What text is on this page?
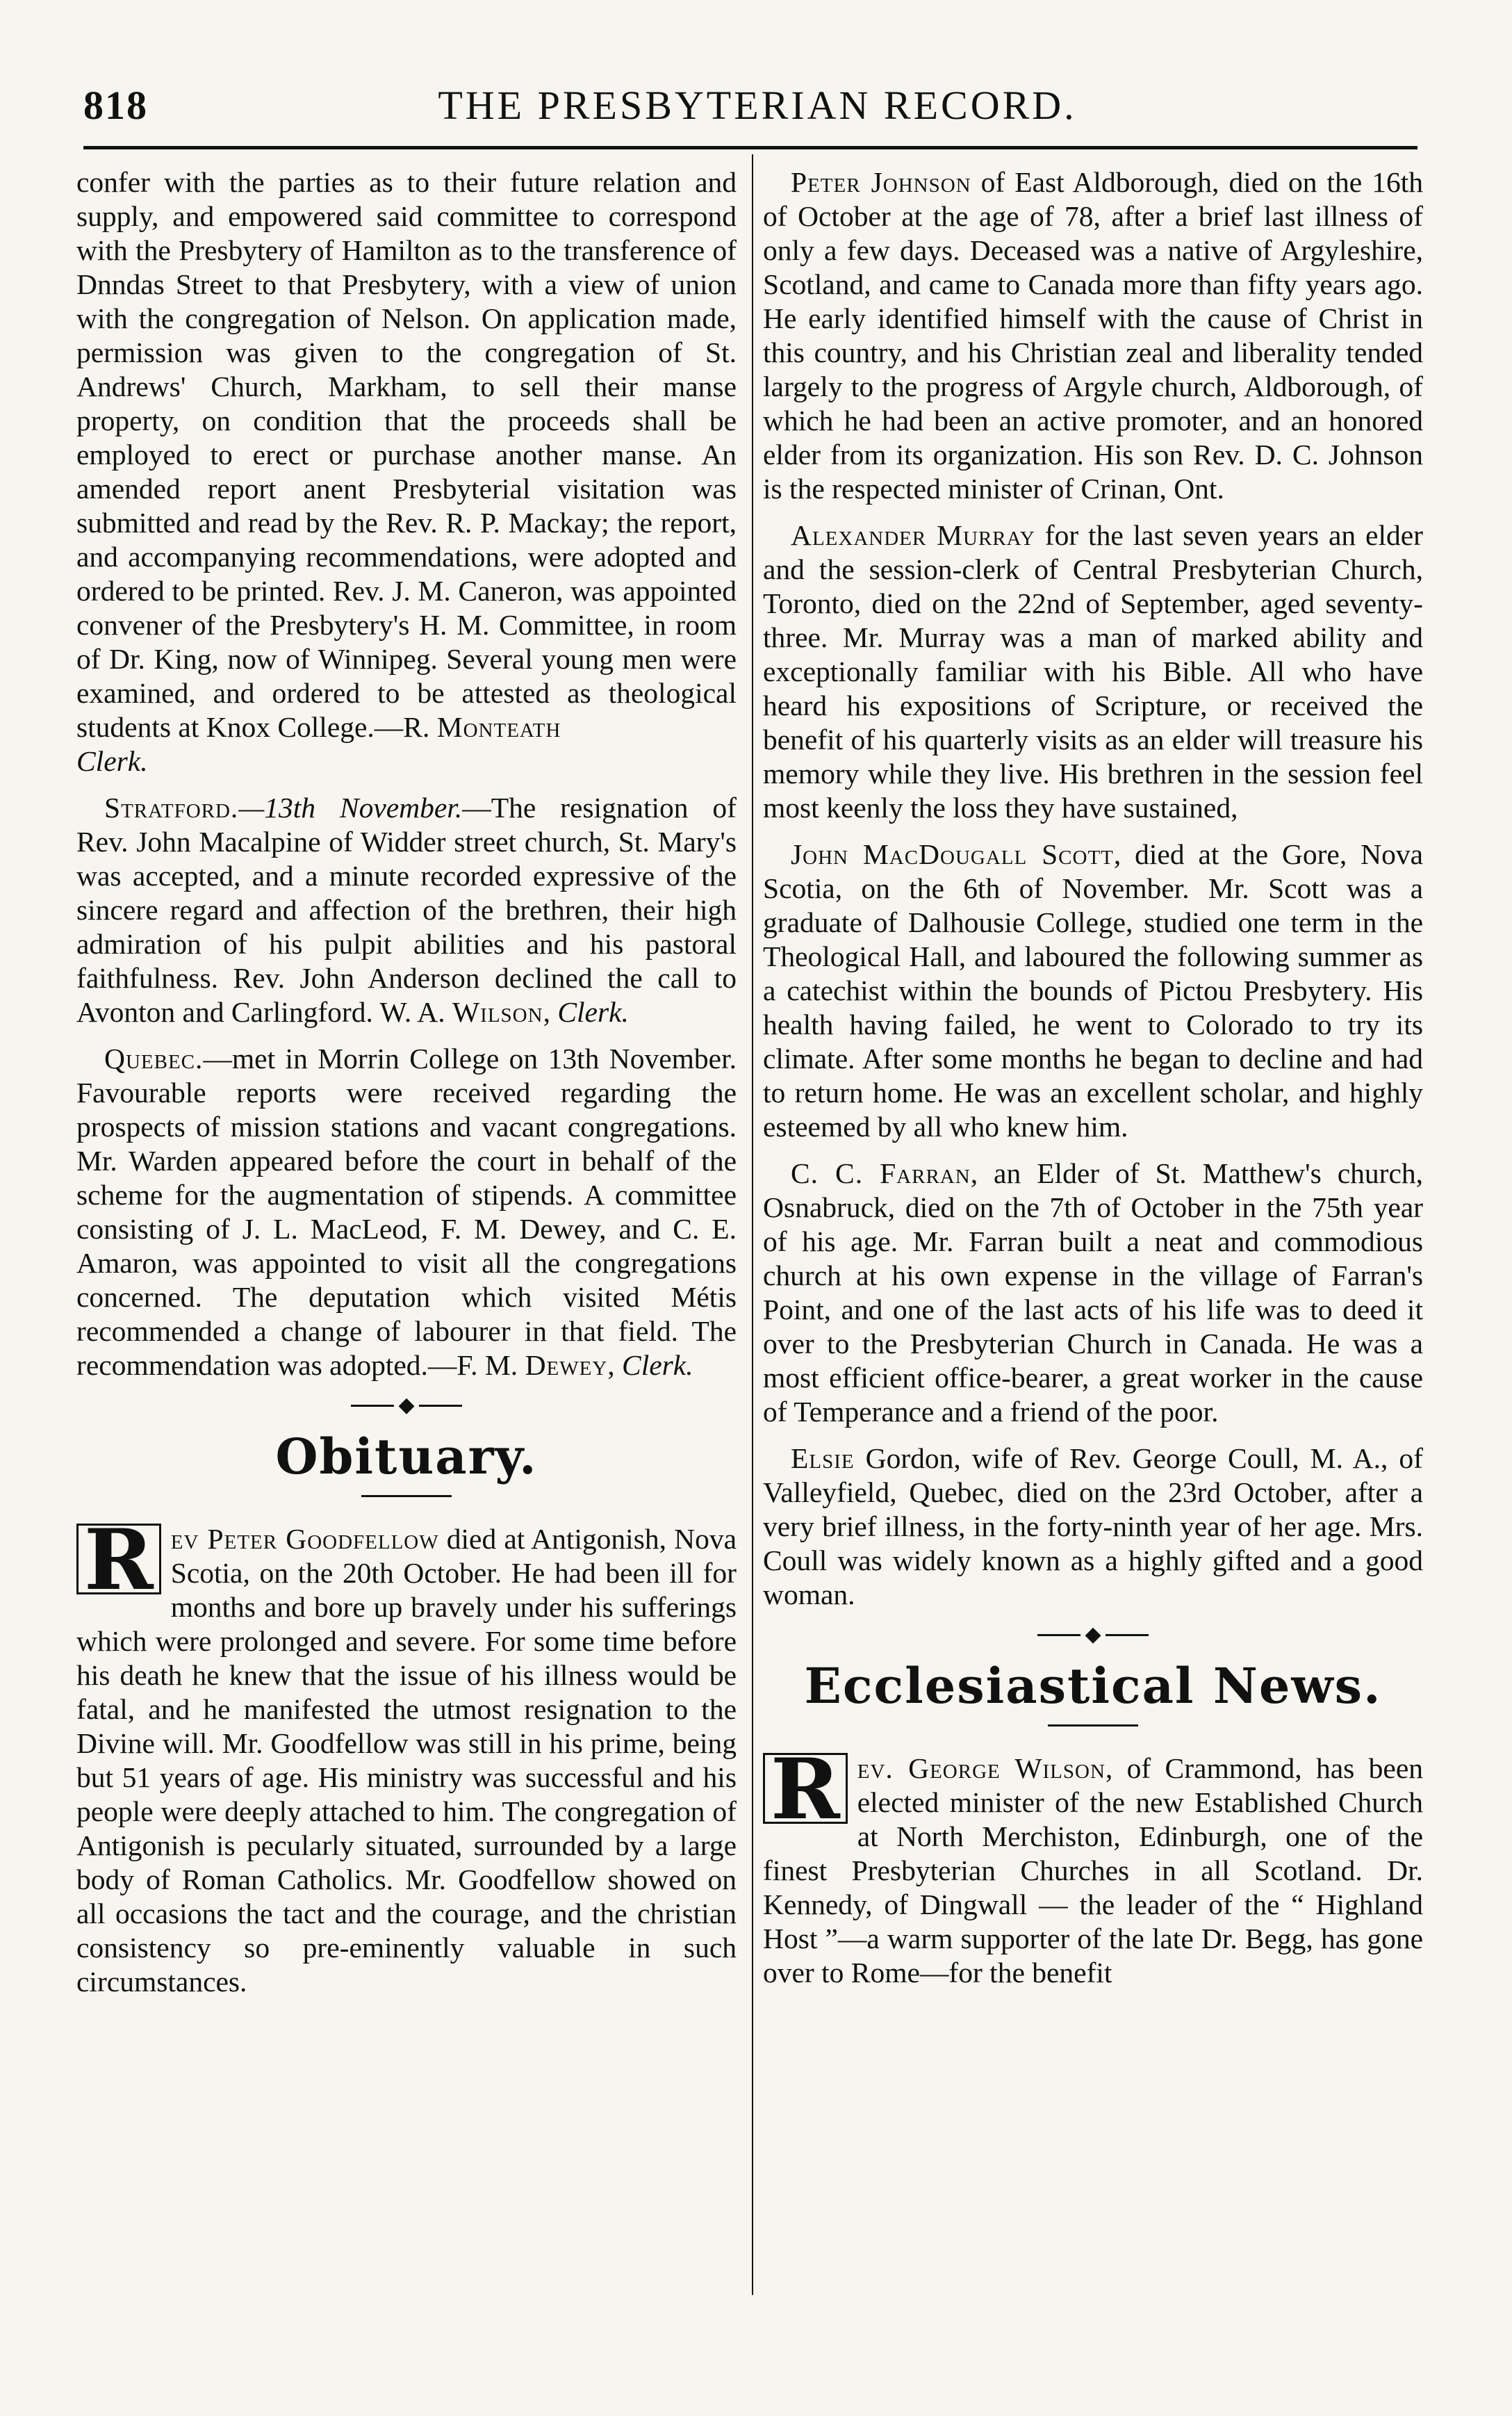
818	THE PRESBYTERIAN RECORD.

confer with the parties as to their future relation and supply, and empowered said committee to correspond with the Presbytery of Hamilton as to the transference of Dnndas Street to that Presbytery, with a view of union with the congregation of Nelson. On application made, permission was given to the congregation of St. Andrews' Church, Markham, to sell their manse property, on condition that the proceeds shall be employed to erect or purchase another manse. An amended report anent Presbyterial visitation was submitted and read by the Rev. R. P. Mackay; the report, and accompanying recommendations, were adopted and ordered to be printed. Rev. J. M. Caneron, was appointed convener of the Presbytery's H. M. Committee, in room of Dr. King, now of Winnipeg. Several young men were examined, and ordered to be attested as theological students at Knox College.—R. Monteath
Clerk.

Stratford.—13th November.—The resignation of Rev. John Macalpine of Widder street church, St. Mary's was accepted, and a minute recorded expressive of the sincere regard and affection of the brethren, their high admiration of his pulpit abilities and his pastoral faithfulness. Rev. John Anderson declined the call to Avonton and Carlingford. W. A. Wilson, Clerk.

Quebec.—met in Morrin College on 13th November. Favourable reports were received regarding the prospects of mission stations and vacant congregations. Mr. Warden appeared before the court in behalf of the scheme for the augmentation of stipends. A committee consisting of J. L. MacLeod, F. M. Dewey, and C. E. Amaron, was appointed to visit all the congregations concerned. The deputation which visited Métis recommended a change of labourer in that field. The recommendation was adopted.—F. M. Dewey, Clerk.

◆
Obituary.

R ev Peter Goodfellow died at Antigonish, Nova Scotia, on the 20th October. He had been ill for months and bore up bravely under his sufferings which were prolonged and severe. For some time before his death he knew that the issue of his illness would be fatal, and he manifested the utmost resignation to the Divine will. Mr. Goodfellow was still in his prime, being but 51 years of age. His ministry was successful and his people were deeply attached to him. The congregation of Antigonish is pecularly situated, surrounded by a large body of Roman Catholics. Mr. Goodfellow showed on all occasions the tact and the courage, and the christian consistency so pre-eminently valuable in such circumstances.

Peter Johnson of East Aldborough, died on the 16th of October at the age of 78, after a brief last illness of only a few days. Deceased was a native of Argyleshire, Scotland, and came to Canada more than fifty years ago. He early identified himself with the cause of Christ in this country, and his Christian zeal and liberality tended largely to the progress of Argyle church, Aldborough, of which he had been an active promoter, and an honored elder from its organization. His son Rev. D. C. Johnson is the respected minister of Crinan, Ont.

Alexander Murray for the last seven years an elder and the session-clerk of Central Presbyterian Church, Toronto, died on the 22nd of September, aged seventy-three. Mr. Murray was a man of marked ability and exceptionally familiar with his Bible. All who have heard his expositions of Scripture, or received the benefit of his quarterly visits as an elder will treasure his memory while they live. His brethren in the session feel most keenly the loss they have sustained,

John MacDougall Scott, died at the Gore, Nova Scotia, on the 6th of November. Mr. Scott was a graduate of Dalhousie College, studied one term in the Theological Hall, and laboured the following summer as a catechist within the bounds of Pictou Presbytery. His health having failed, he went to Colorado to try its climate. After some months he began to decline and had to return home. He was an excellent scholar, and highly esteemed by all who knew him.

C. C. Farran, an Elder of St. Matthew's church, Osnabruck, died on the 7th of October in the 75th year of his age. Mr. Farran built a neat and commodious church at his own expense in the village of Farran's Point, and one of the last acts of his life was to deed it over to the Presbyterian Church in Canada. He was a most efficient office-bearer, a great worker in the cause of Temperance and a friend of the poor.

Elsie Gordon, wife of Rev. George Coull, M. A., of Valleyfield, Quebec, died on the 23rd October, after a very brief illness, in the forty-ninth year of her age. Mrs. Coull was widely known as a highly gifted and a good woman.

◆
Ecclesiastical News.

R ev. George Wilson, of Crammond, has been elected minister of the new Established Church at North Merchiston, Edinburgh, one of the finest Presbyterian Churches in all Scotland. Dr. Kennedy, of Dingwall — the leader of the “ Highland Host ”—a warm supporter of the late Dr. Begg, has gone over to Rome—for the benefit
